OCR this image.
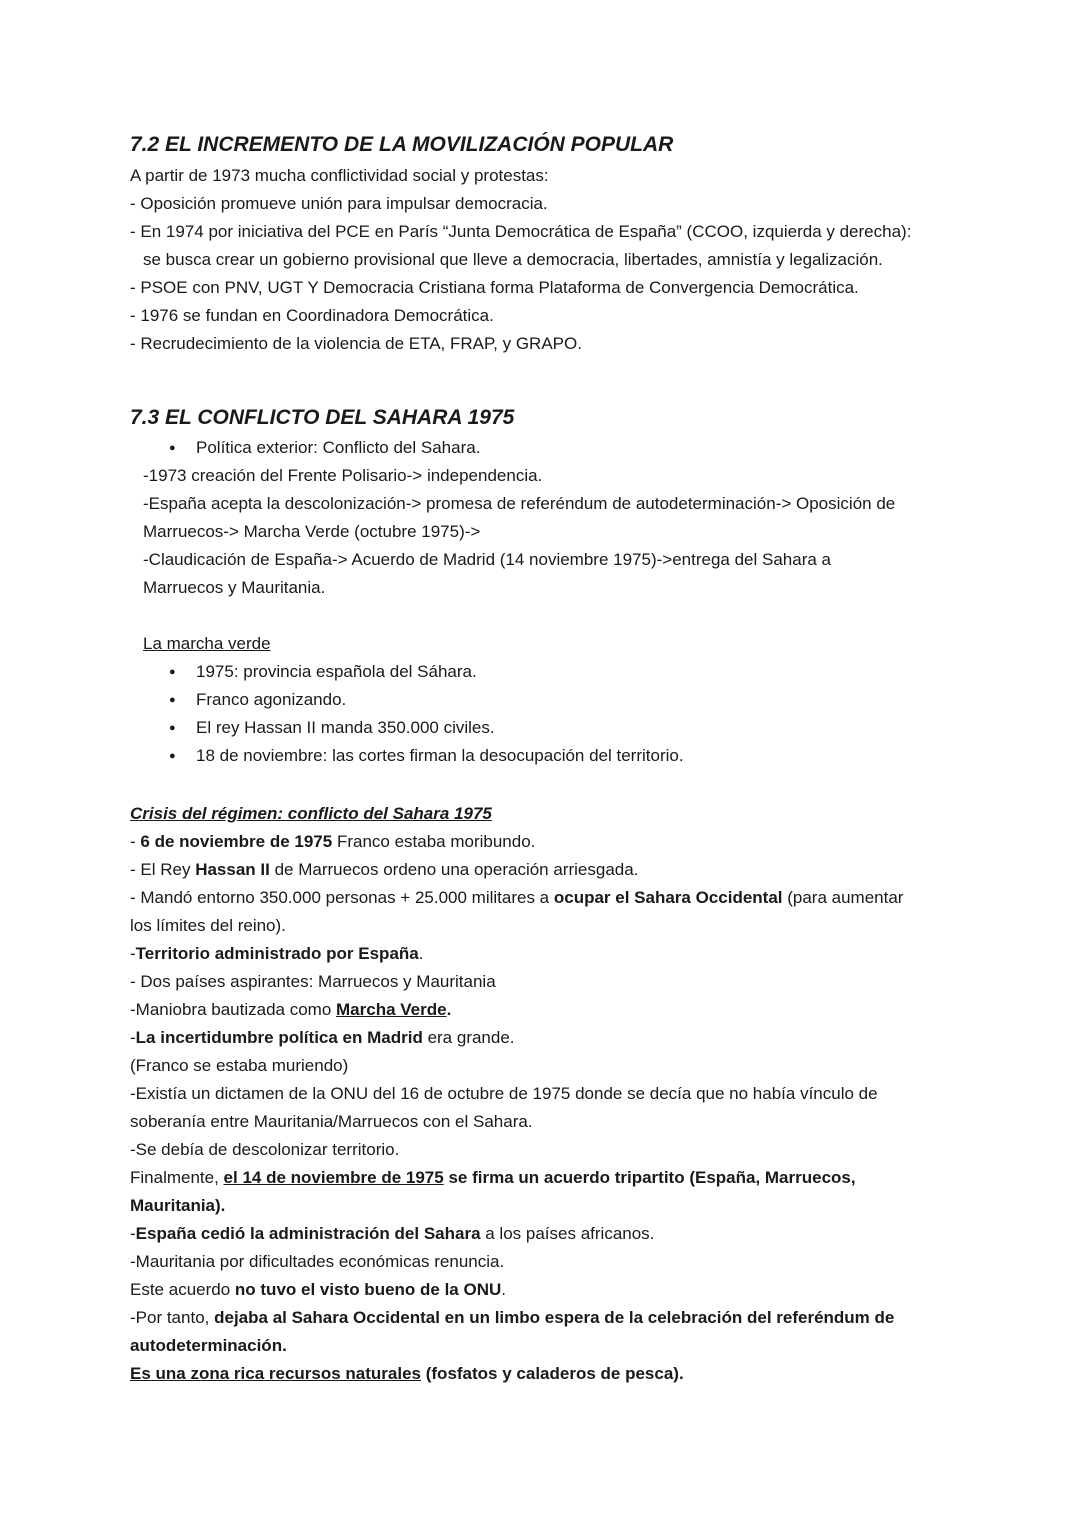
7.2 EL INCREMENTO DE LA MOVILIZACIÓN POPULAR
A partir de 1973 mucha conflictividad social y protestas:
- Oposición promueve unión para impulsar democracia.
- En 1974 por iniciativa del PCE en París “Junta Democrática de España” (CCOO, izquierda y derecha):
se busca crear un gobierno provisional que lleve a democracia, libertades, amnistía y legalización.
- PSOE con PNV, UGT Y Democracia Cristiana forma Plataforma de Convergencia Democrática.
- 1976 se fundan en Coordinadora Democrática.
- Recrudecimiento de la violencia de ETA, FRAP, y GRAPO.
7.3 EL CONFLICTO DEL SAHARA 1975
● Política exterior: Conflicto del Sahara.
-1973 creación del Frente Polisario-> independencia.
-España acepta la descolonización-> promesa de referéndum de autodeterminación-> Oposición de
Marruecos-> Marcha Verde (octubre 1975)->
-Claudicación de España-> Acuerdo de Madrid (14 noviembre 1975)->entrega del Sahara a
Marruecos y Mauritania.
La marcha verde
● 1975: provincia española del Sáhara.
● Franco agonizando.
● El rey Hassan II manda 350.000 civiles.
● 18 de noviembre: las cortes firman la desocupación del territorio.
Crisis del régimen: conflicto del Sahara 1975
- 6 de noviembre de 1975 Franco estaba moribundo.
- El Rey Hassan II de Marruecos ordeno una operación arriesgada.
- Mandó entorno 350.000 personas + 25.000 militares a ocupar el Sahara Occidental (para aumentar
los límites del reino).
-Territorio administrado por España.
- Dos países aspirantes: Marruecos y Mauritania
-Maniobra bautizada como Marcha Verde.
-La incertidumbre política en Madrid era grande.
(Franco se estaba muriendo)
-Existía un dictamen de la ONU del 16 de octubre de 1975 donde se decía que no había vínculo de
soberanía entre Mauritania/Marruecos con el Sahara.
-Se debía de descolonizar territorio.
Finalmente, el 14 de noviembre de 1975 se firma un acuerdo tripartito (España, Marruecos,
Mauritania).
-España cedió la administración del Sahara a los países africanos.
-Mauritania por dificultades económicas renuncia.
Este acuerdo no tuvo el visto bueno de la ONU.
-Por tanto, dejaba al Sahara Occidental en un limbo espera de la celebración del referéndum de
autodeterminación.
Es una zona rica recursos naturales (fosfatos y caladeros de pesca).
